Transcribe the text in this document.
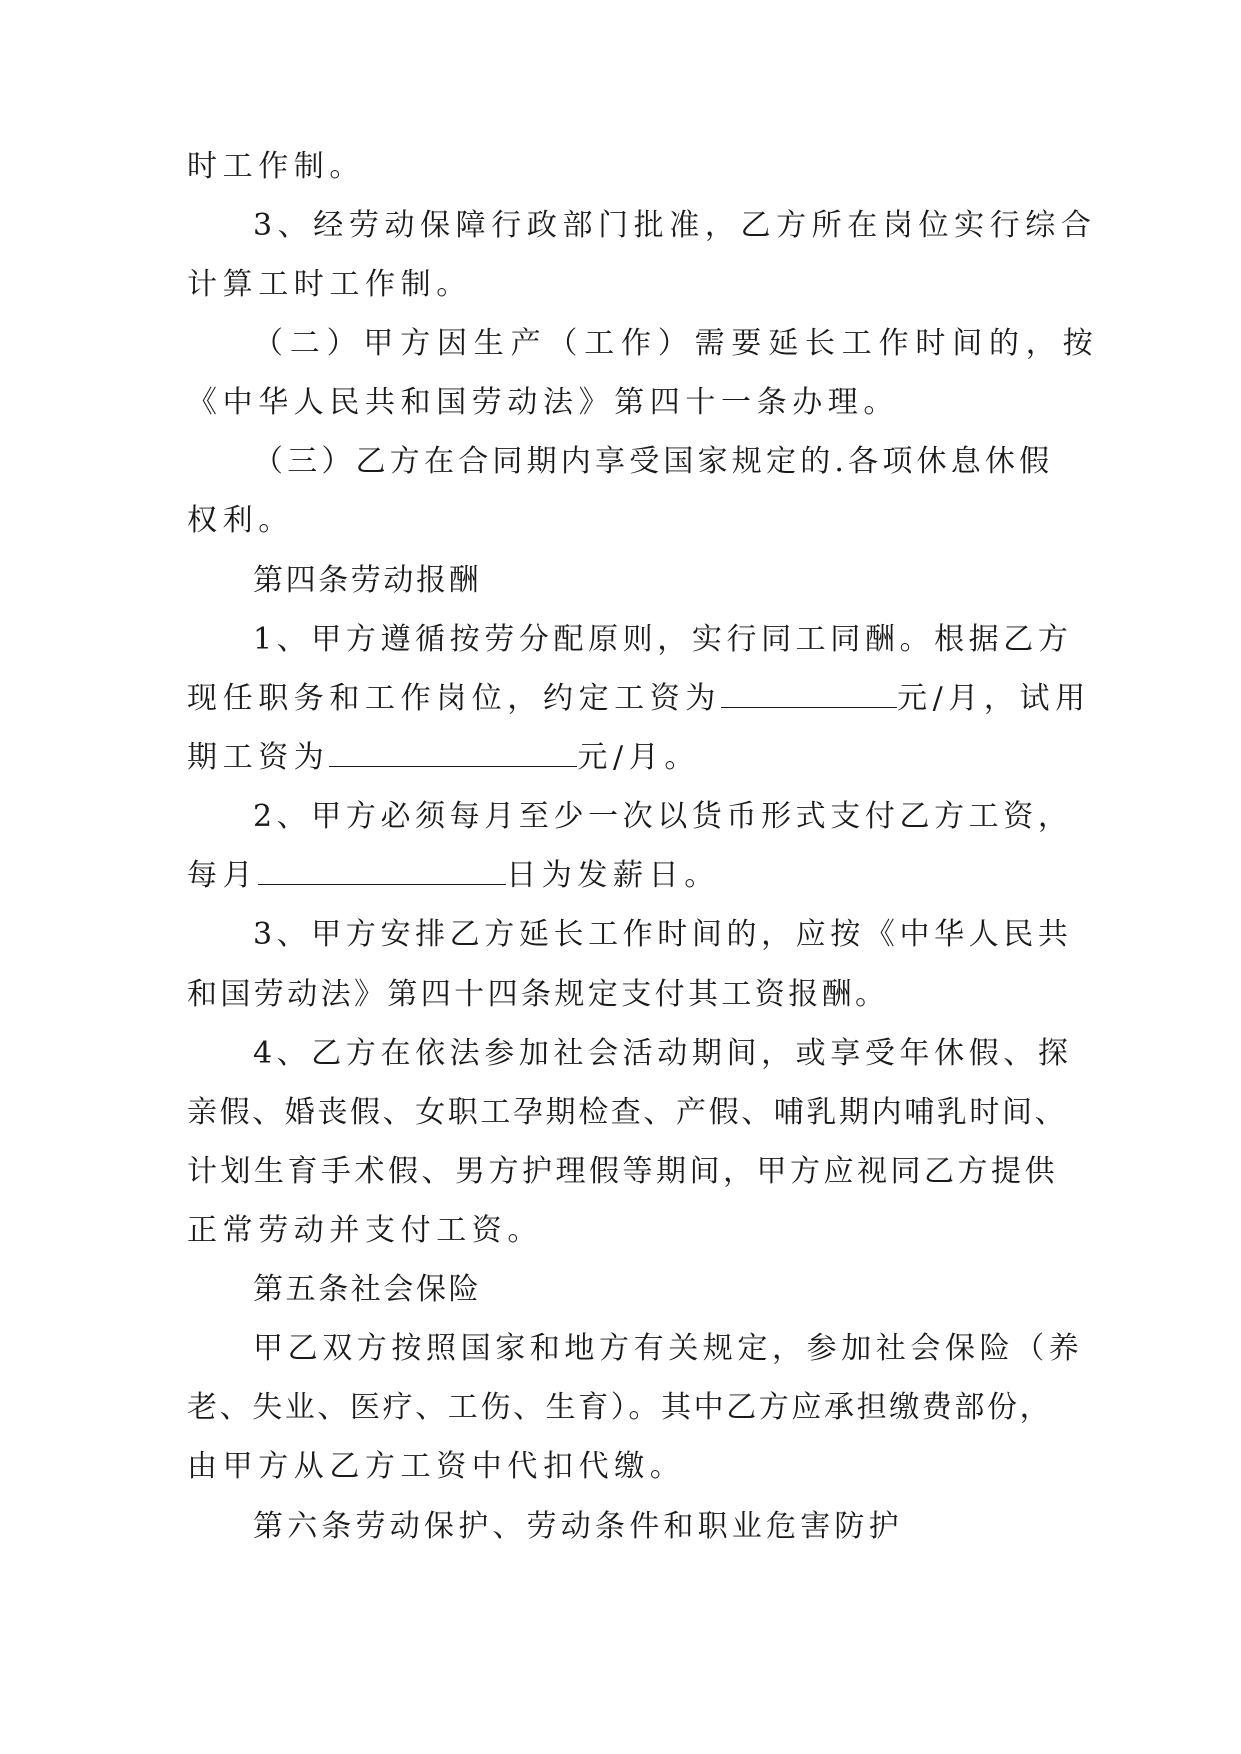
时工作制。
3、经劳动保障行政部门批准，乙方所在岗位实行综合
计算工时工作制。
（二）甲方因生产（工作）需要延长工作时间的，按
《中华人民共和国劳动法》第四十一条办理。
（三）乙方在合同期内享受国家规定的.各项休息休假
权利。
第四条劳动报酬
1、甲方遵循按劳分配原则，实行同工同酬。根据乙方
现任职务和工作岗位，约定工资为	元/月，试用
期工资为	元/月。
2、甲方必须每月至少一次以货币形式支付乙方工资，
每月	日为发薪日。
3、甲方安排乙方延长工作时间的，应按《中华人民共
和国劳动法》第四十四条规定支付其工资报酬。
4、乙方在依法参加社会活动期间，或享受年休假、探
亲假、婚丧假、女职工孕期检查、产假、哺乳期内哺乳时间、
计划生育手术假、男方护理假等期间，甲方应视同乙方提供
正常劳动并支付工资。
第五条社会保险
甲乙双方按照国家和地方有关规定，参加社会保险（养
老、失业、医疗、工伤、生育）。其中乙方应承担缴费部份，
由甲方从乙方工资中代扣代缴。
第六条劳动保护、劳动条件和职业危害防护
